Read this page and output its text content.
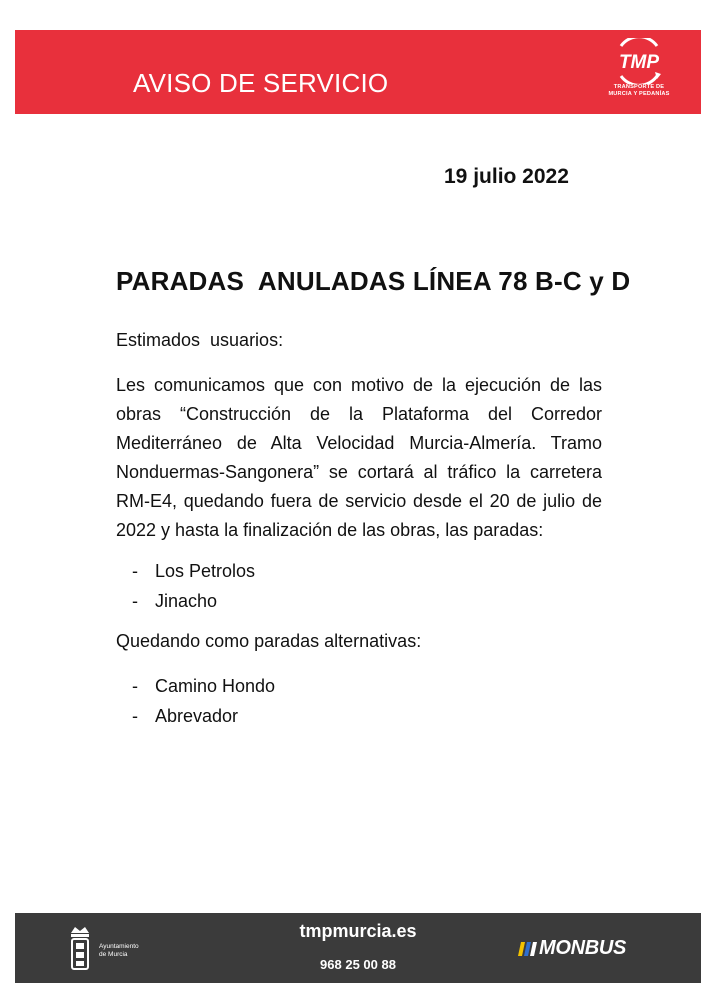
AVISO DE SERVICIO
TMP
TRANSPORTE DE
MURCIA Y PEDANÍAS
19 julio 2022
PARADAS  ANULADAS LÍNEA 78 B-C y D
Estimados  usuarios:
Les comunicamos que con motivo de la ejecución de las obras “Construcción de la Plataforma del Corredor Mediterráneo de Alta Velocidad Murcia-Almería. Tramo Nonduermas-Sangonera” se cortará al tráfico la carretera RM-E4, quedando fuera de servicio desde el 20 de julio de 2022 y hasta la finalización de las obras, las paradas:
- Los Petrolos
- Jinacho
Quedando como paradas alternativas:
- Camino Hondo
- Abrevador
Ayuntamiento
de Murcia
tmpmurcia.es
968 25 00 88
MONBUS
